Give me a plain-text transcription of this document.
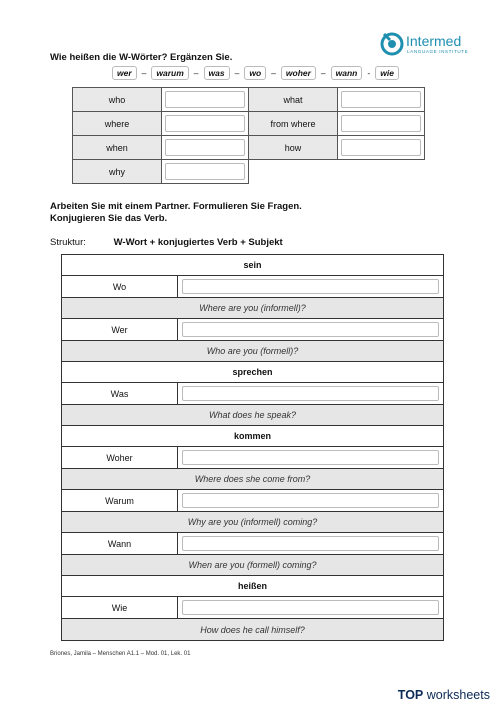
Wie heißen die W-Wörter? Ergänzen Sie.
Intermed
LANGUAGE INSTITUTE
wer	–	warum	–	was	–	wo	–	woher	–	wann	-	wie
who		what	

where		from where	

when		how	

why	
Arbeiten Sie mit einem Partner. Formulieren Sie Fragen.
Konjugieren Sie das Verb.
Struktur:	W-Wort + konjugiertes Verb + Subjekt
sein
Wo
Where are you (informell)?
Wer
Who are you (formell)?
sprechen
Was
What does he speak?
kommen
Woher
Where does she come from?
Warum
Why are you (informell) coming?
Wann
When are you (formell) coming?
heißen
Wie
How does he call himself?
Briones, Jamila – Menschen A1.1 – Mod. 01, Lek. 01
TOP worksheets
